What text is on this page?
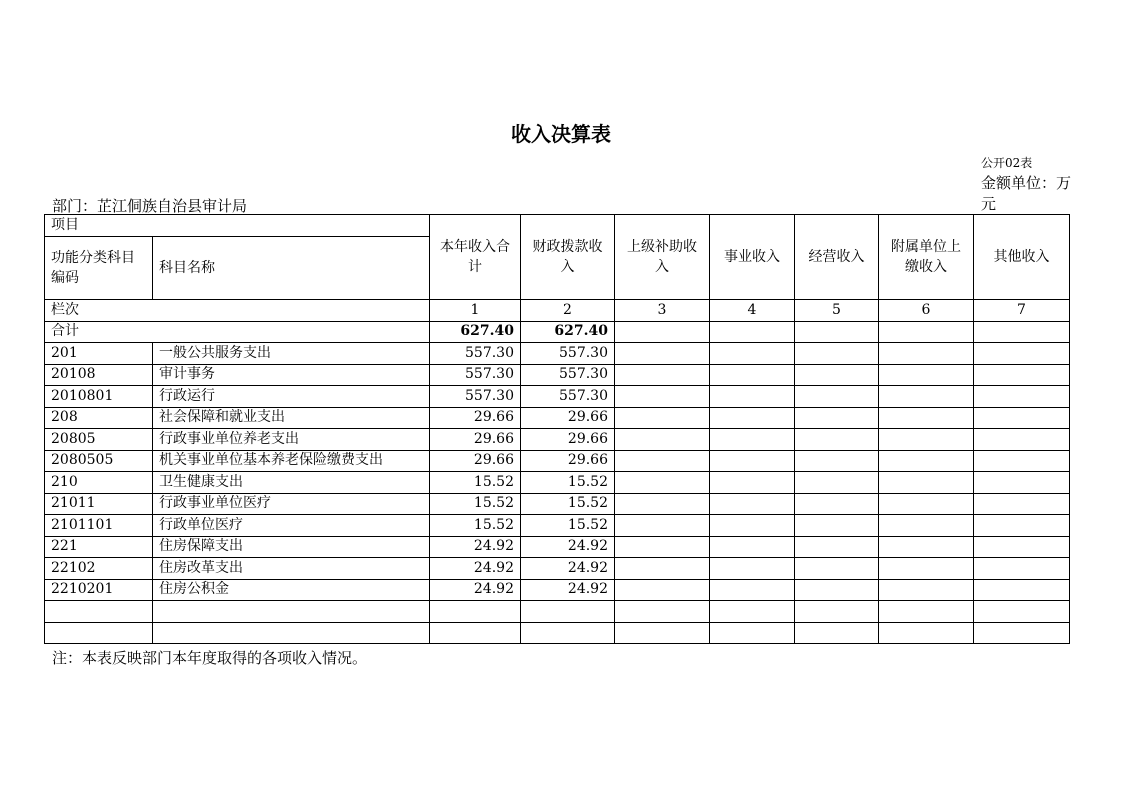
收入决算表
公开02表
金额单位：万元
部门：芷江侗族自治县审计局
项目		本年收入合计	财政拨款收入	上级补助收入	事业收入	经营收入	附属单位上缴收入	其他收入
功能分类科目编码	科目名称							
栏次		1	2	3	4	5	6	7
合计		627.40	627.40					
201	一般公共服务支出	557.30	557.30					
20108	审计事务	557.30	557.30					
2010801	行政运行	557.30	557.30					
208	社会保障和就业支出	29.66	29.66					
20805	行政事业单位养老支出	29.66	29.66					
2080505	机关事业单位基本养老保险缴费支出	29.66	29.66					
210	卫生健康支出	15.52	15.52					
21011	行政事业单位医疗	15.52	15.52					
2101101	行政单位医疗	15.52	15.52					
221	住房保障支出	24.92	24.92					
22102	住房改革支出	24.92	24.92					
2210201	住房公积金	24.92	24.92					

注：本表反映部门本年度取得的各项收入情况。
